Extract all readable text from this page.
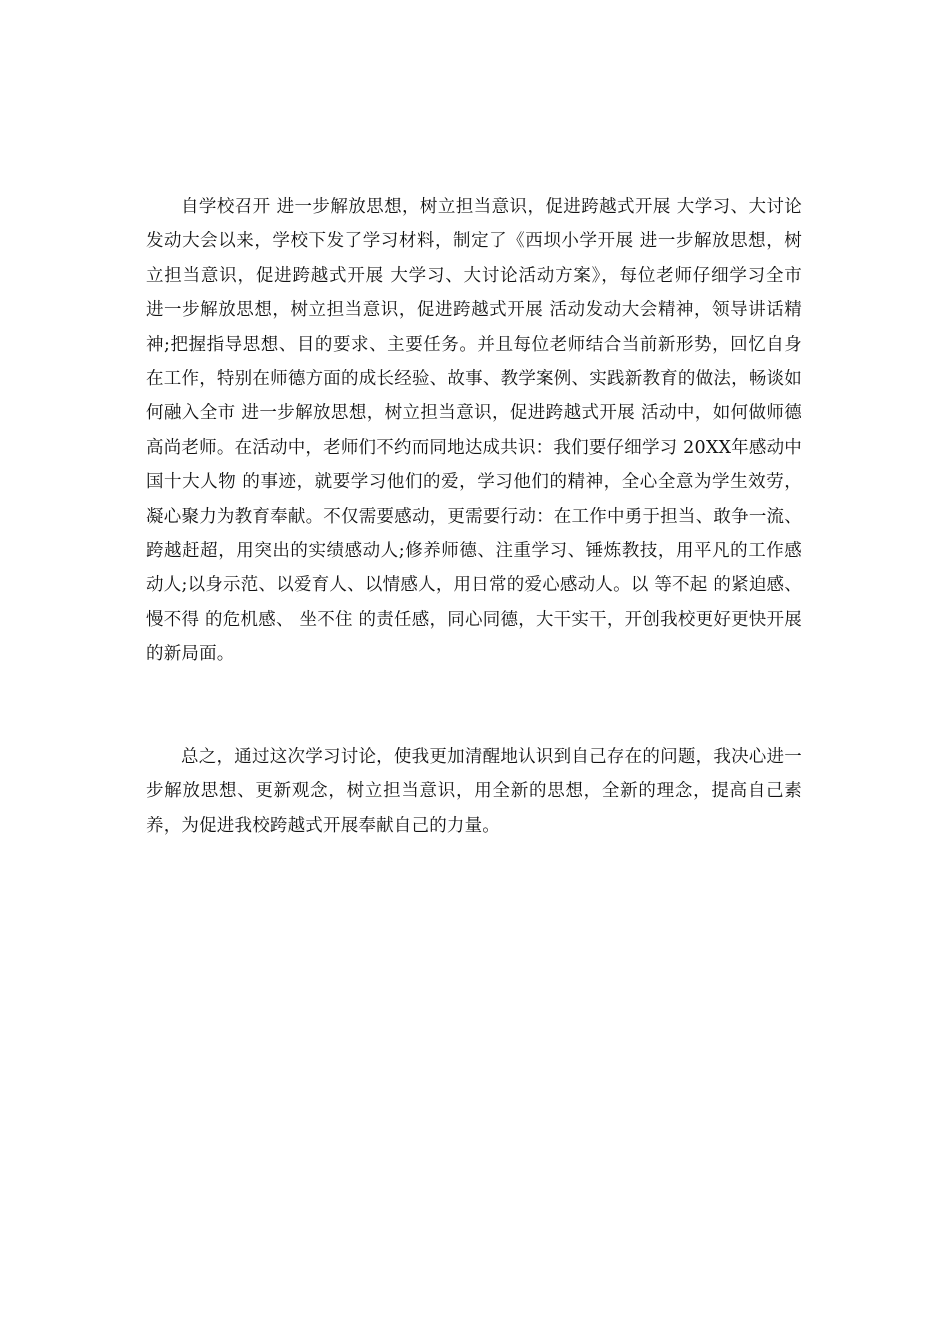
自学校召开 进一步解放思想，树立担当意识，促进跨越式开展 大学习、大讨论发动大会以来，学校下发了学习材料，制定了《西坝小学开展 进一步解放思想，树立担当意识，促进跨越式开展 大学习、大讨论活动方案》，每位老师仔细学习全市 进一步解放思想，树立担当意识，促进跨越式开展 活动发动大会精神，领导讲话精神;把握指导思想、目的要求、主要任务。并且每位老师结合当前新形势，回忆自身在工作，特别在师德方面的成长经验、故事、教学案例、实践新教育的做法，畅谈如何融入全市 进一步解放思想，树立担当意识，促进跨越式开展 活动中，如何做师德高尚老师。在活动中，老师们不约而同地达成共识：我们要仔细学习 20XX年感动中国十大人物 的事迹，就要学习他们的爱，学习他们的精神，全心全意为学生效劳，凝心聚力为教育奉献。不仅需要感动，更需要行动：在工作中勇于担当、敢争一流、跨越赶超，用突出的实绩感动人;修养师德、注重学习、锤炼教技，用平凡的工作感动人;以身示范、以爱育人、以情感人，用日常的爱心感动人。以 等不起 的紧迫感、 慢不得 的危机感、 坐不住 的责任感，同心同德，大干实干，开创我校更好更快开展的新局面。

总之，通过这次学习讨论，使我更加清醒地认识到自己存在的问题，我决心进一步解放思想、更新观念，树立担当意识，用全新的思想，全新的理念，提高自己素养，为促进我校跨越式开展奉献自己的力量。
